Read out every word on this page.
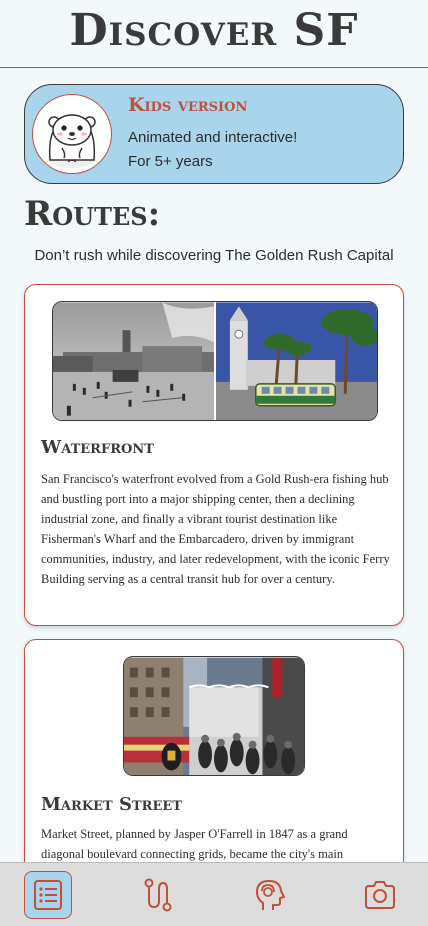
Discover SF
Kids version
Animated and interactive!
For 5+ years
Routes:

Don’t rush while discovering The Golden Rush Capital

Waterfront

San Francisco's waterfront evolved from a Gold Rush-era fishing hub and bustling port into a major shipping center, then a declining industrial zone, and finally a vibrant tourist destination like Fisherman's Wharf and the Embarcadero, driven by immigrant communities, industry, and later redevelopment, with the iconic Ferry Building serving as a central transit hub for over a century.

Market Street

Market Street, planned by Jasper O'Farrell in 1847 as a grand diagonal boulevard connecting grids, became the city's main
